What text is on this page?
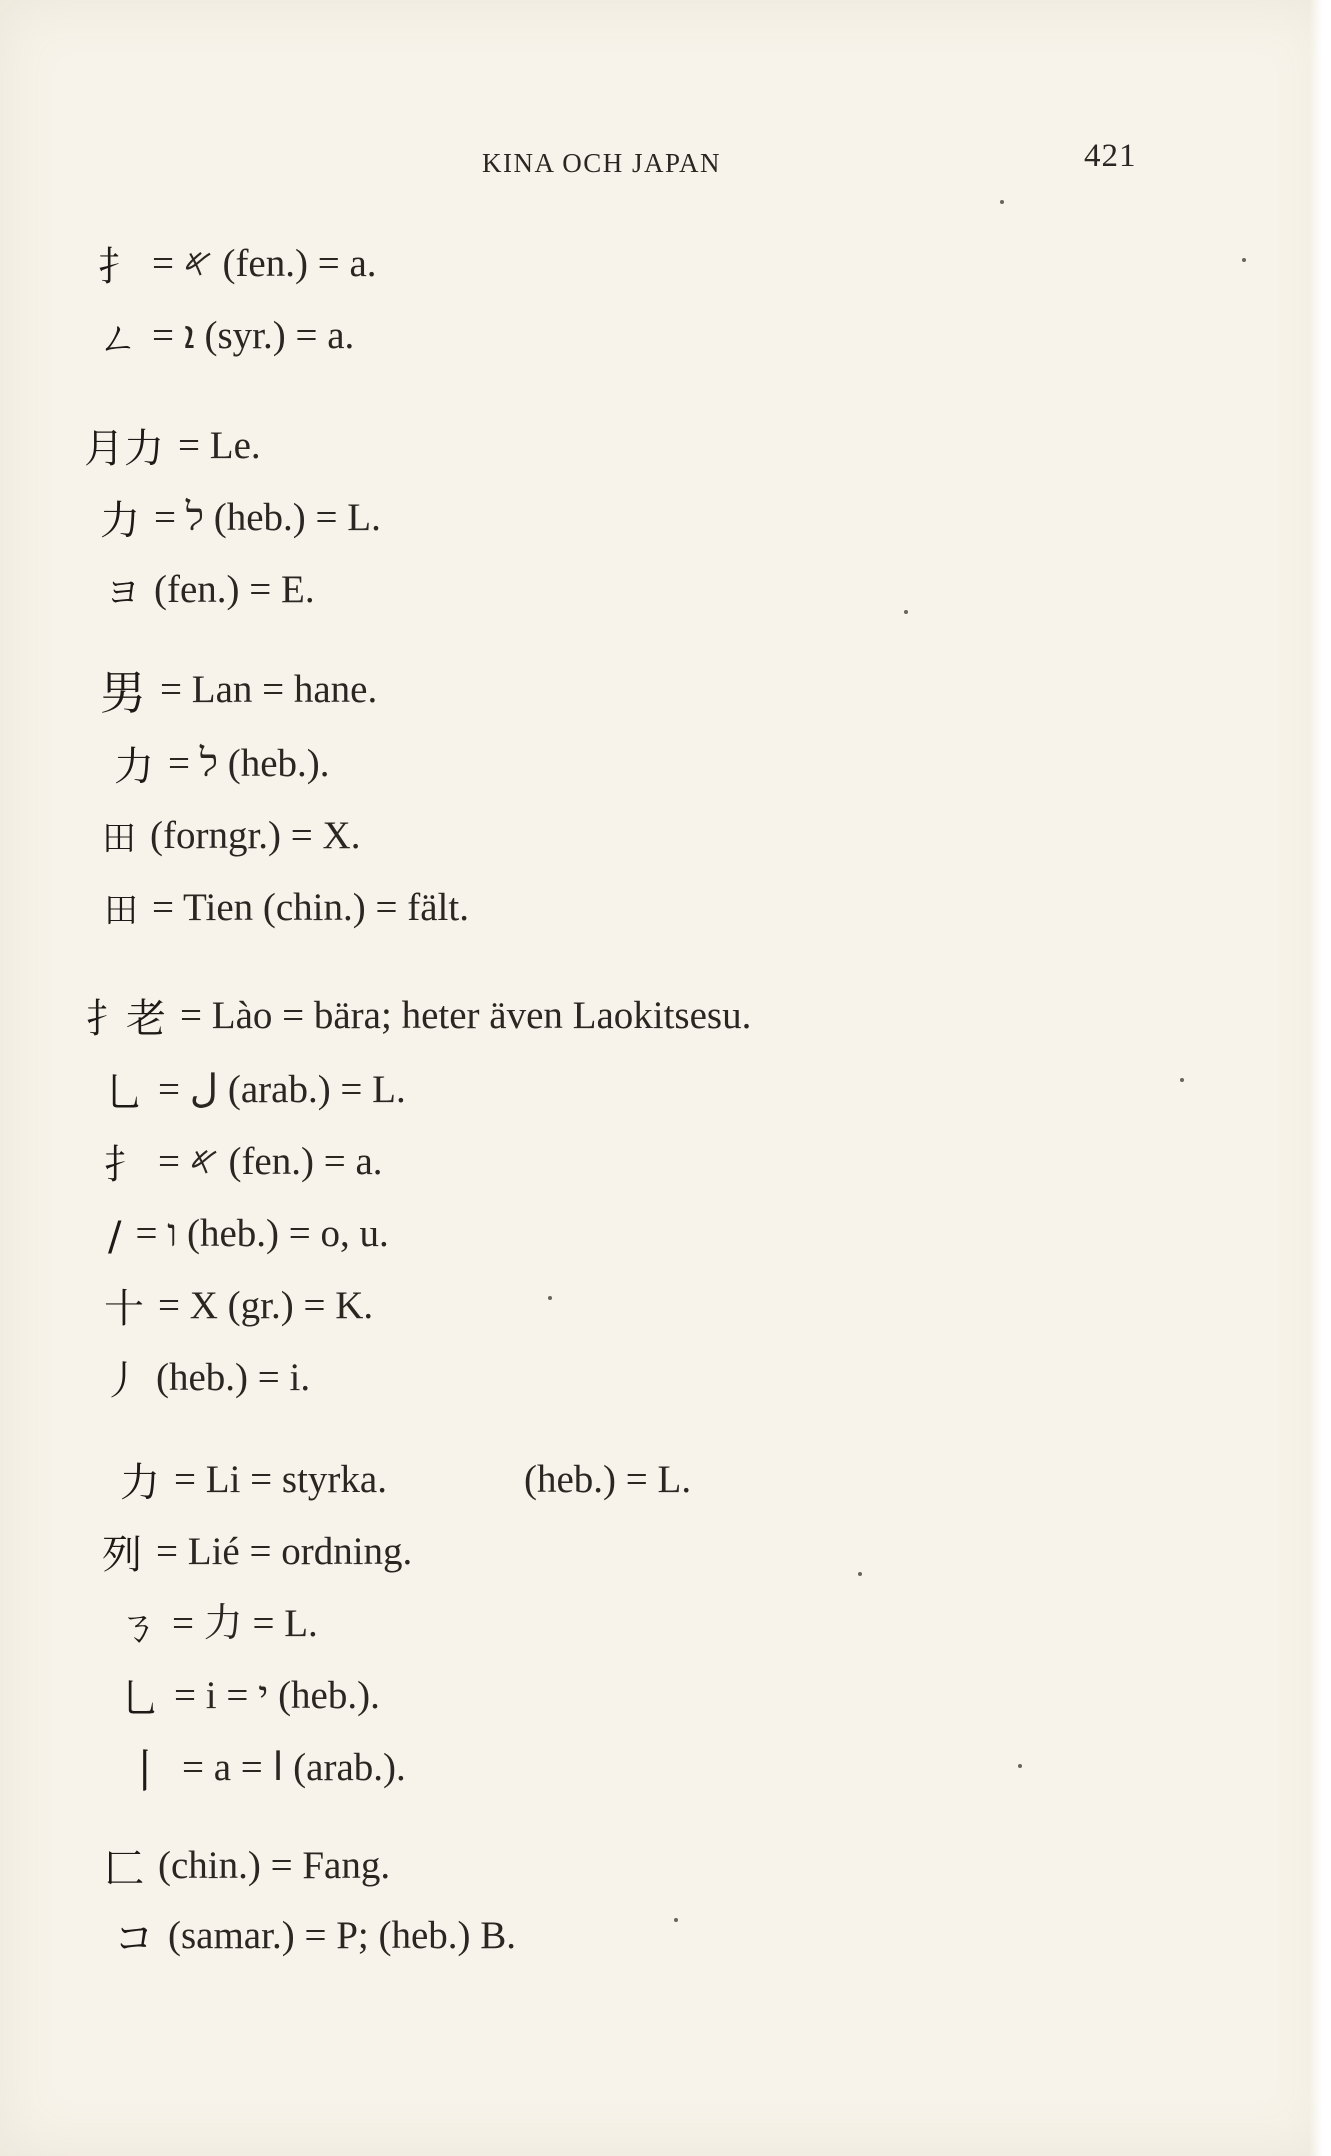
KINA OCH JAPAN	421
扌 = 𐤀 (fen.) = a.
ㄥ = ܐ (syr.) = a.
月力 = Le.
力 = ל (heb.) = L.
ヨ (fen.) = E.
男 = Lan = hane.
力 = ל (heb.).
田 (forngr.) = X.
田 = Tien (chin.) = fält.
扌老 = Lào = bära; heter även Laokitsesu.
乚 = ل (arab.) = L.
扌 = 𐤀 (fen.) = a.
/ = ו (heb.) = o, u.
十 = X (gr.) = K.
丿 (heb.) = i.
力 = Li = styrka.	(heb.) = L.
列 = Lié = ordning.
ㄋ = 力 = L.
乚 = i = י (heb.).
丨 = a = ا (arab.).
匚 (chin.) = Fang.
コ (samar.) = P; (heb.) B.
